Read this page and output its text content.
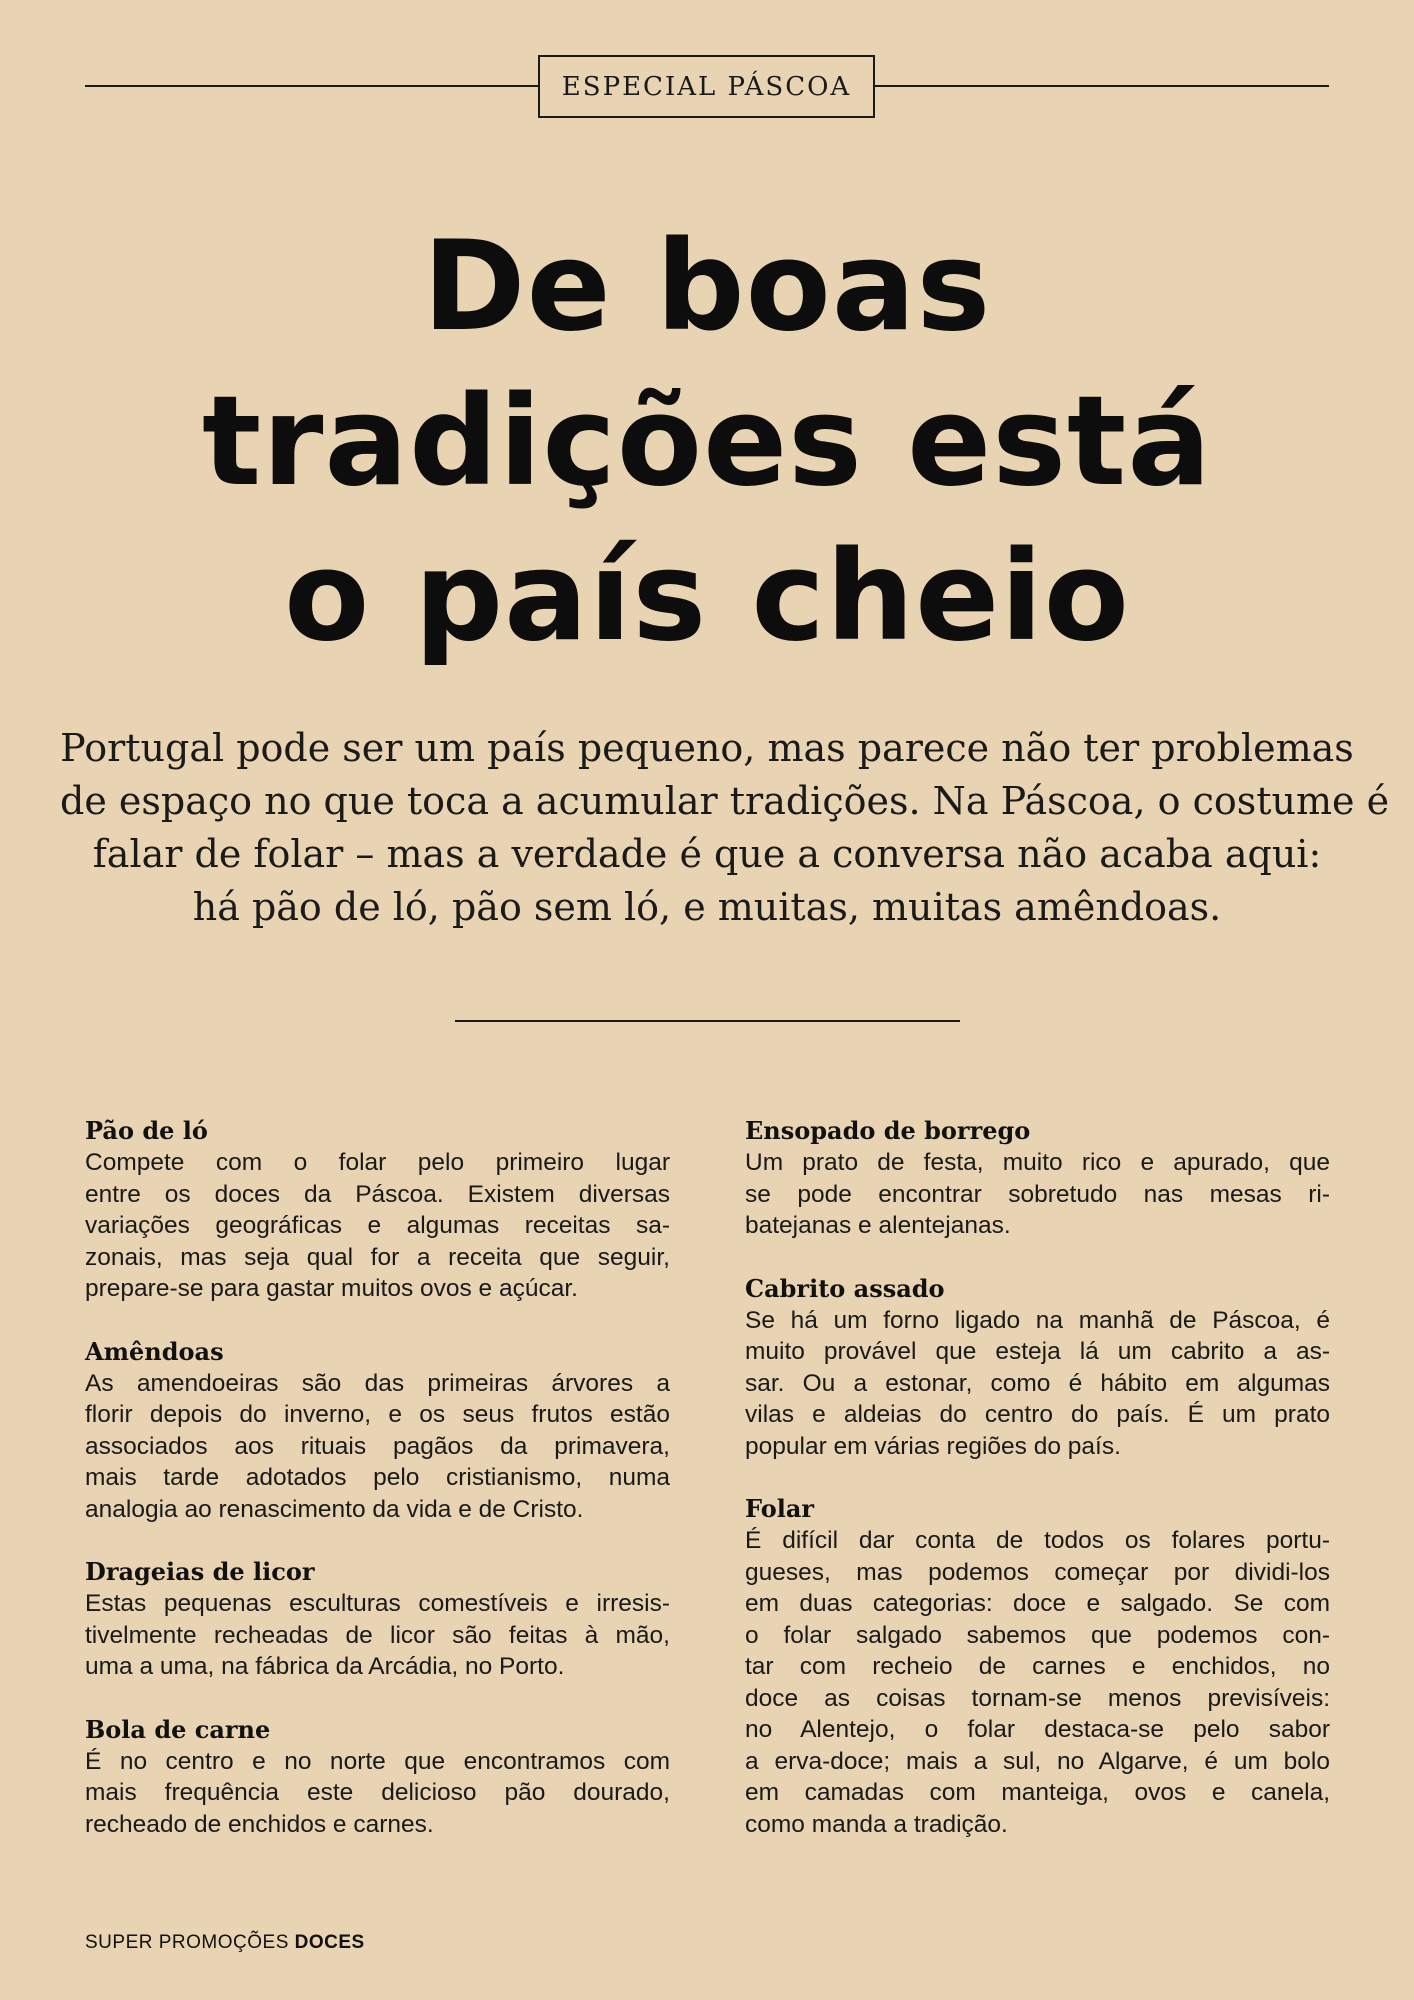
ESPECIAL PÁSCOA
De boas
tradições está
o país cheio

Portugal pode ser um país pequeno, mas parece não ter problemas
de espaço no que toca a acumular tradições. Na Páscoa, o costume é
falar de folar – mas a verdade é que a conversa não acaba aqui:
há pão de ló, pão sem ló, e muitas, muitas amêndoas.

Pão de ló
Compete com o folar pelo primeiro lugar
entre os doces da Páscoa. Existem diversas
variações geográficas e algumas receitas sa-
zonais, mas seja qual for a receita que seguir,
prepare-se para gastar muitos ovos e açúcar.
Amêndoas
As amendoeiras são das primeiras árvores a
florir depois do inverno, e os seus frutos estão
associados aos rituais pagãos da primavera,
mais tarde adotados pelo cristianismo, numa
analogia ao renascimento da vida e de Cristo.
Drageias de licor
Estas pequenas esculturas comestíveis e irresis-
tivelmente recheadas de licor são feitas à mão,
uma a uma, na fábrica da Arcádia, no Porto.
Bola de carne
É no centro e no norte que encontramos com
mais frequência este delicioso pão dourado,
recheado de enchidos e carnes.
Ensopado de borrego
Um prato de festa, muito rico e apurado, que
se pode encontrar sobretudo nas mesas ri-
batejanas e alentejanas.
Cabrito assado
Se há um forno ligado na manhã de Páscoa, é
muito provável que esteja lá um cabrito a as-
sar. Ou a estonar, como é hábito em algumas
vilas e aldeias do centro do país. É um prato
popular em várias regiões do país.
Folar
É difícil dar conta de todos os folares portu-
gueses, mas podemos começar por dividi-los
em duas categorias: doce e salgado. Se com
o folar salgado sabemos que podemos con-
tar com recheio de carnes e enchidos, no
doce as coisas tornam-se menos previsíveis:
no Alentejo, o folar destaca-se pelo sabor
a erva-doce; mais a sul, no Algarve, é um bolo
em camadas com manteiga, ovos e canela,
como manda a tradição.
SUPER PROMOÇÕES DOCES
